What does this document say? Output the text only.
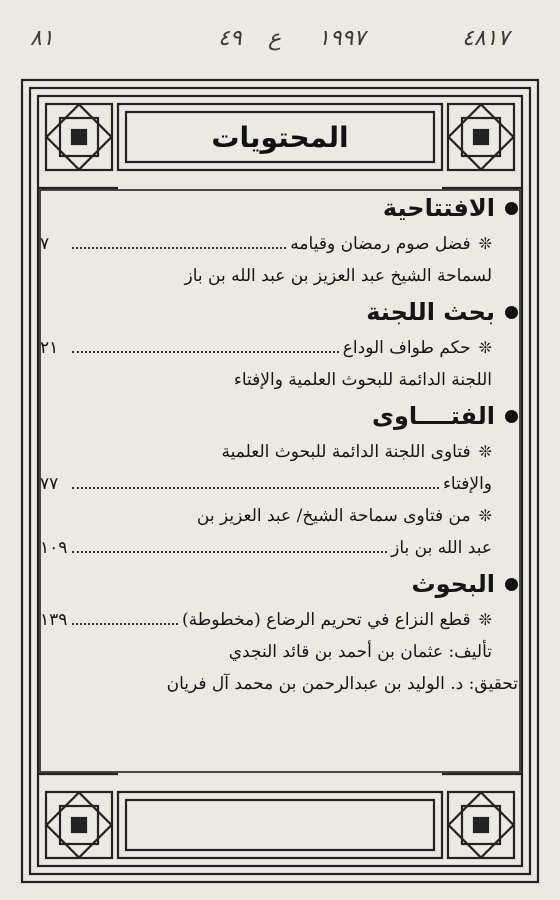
٨١	٤٩ ع ١٩٩٧	٤٨١٧
المحتويات
الافتتاحية
❊
فضل صوم رمضان وقيامه
٧
لسماحة الشيخ عبد العزيز بن عبد الله بن باز
بحث اللجنة
❊
حكم طواف الوداع
٢١
اللجنة الدائمة للبحوث العلمية والإفتاء
الفتــــاوى
❊
فتاوى اللجنة الدائمة للبحوث العلمية
والإفتاء
٧٧
❊
من فتاوى سماحة الشيخ/ عبد العزيز بن
عبد الله بن باز
١٠٩
البحوث
❊
قطع النزاع في تحريم الرضاع (مخطوطة)
١٣٩
تأليف: عثمان بن أحمد بن قائد النجدي
تحقيق: د. الوليد بن عبدالرحمن بن محمد آل فريان
